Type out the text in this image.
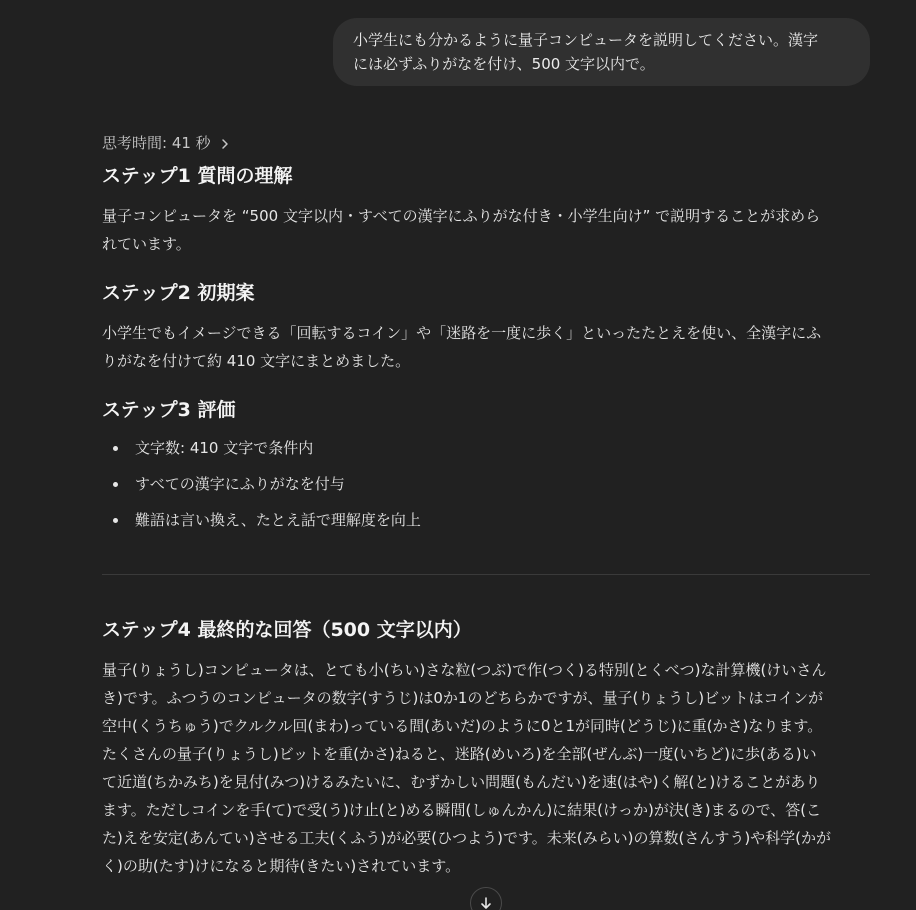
小学生にも分かるように量子コンピュータを説明してください。漢字
には必ずふりがなを付け、500 文字以内で。
思考時間: 41 秒
ステップ1 質問の理解

量子コンピュータを “500 文字以内・すべての漢字にふりがな付き・小学生向け” で説明することが求めら

れています。

ステップ2 初期案

小学生でもイメージできる「回転するコイン」や「迷路を一度に歩く」といったたとえを使い、全漢字にふ

りがなを付けて約 410 文字にまとめました。

ステップ3 評価
文字数: 410 文字で条件内
すべての漢字にふりがなを付与
難語は言い換え、たとえ話で理解度を向上
ステップ4 最終的な回答（500 文字以内）

量子(りょうし)コンピュータは、とても小(ちい)さな粒(つぶ)で作(つく)る特別(とくべつ)な計算機(けいさん

き)です。ふつうのコンピュータの数字(すうじ)は0か1のどちらかですが、量子(りょうし)ビットはコインが

空中(くうちゅう)でクルクル回(まわ)っている間(あいだ)のように0と1が同時(どうじ)に重(かさ)なります。

たくさんの量子(りょうし)ビットを重(かさ)ねると、迷路(めいろ)を全部(ぜんぶ)一度(いちど)に歩(ある)い

て近道(ちかみち)を見付(みつ)けるみたいに、むずかしい問題(もんだい)を速(はや)く解(と)けることがあり

ます。ただしコインを手(て)で受(う)け止(と)める瞬間(しゅんかん)に結果(けっか)が決(き)まるので、答(こ

た)えを安定(あんてい)させる工夫(くふう)が必要(ひつよう)です。未来(みらい)の算数(さんすう)や科学(かが

く)の助(たす)けになると期待(きたい)されています。
